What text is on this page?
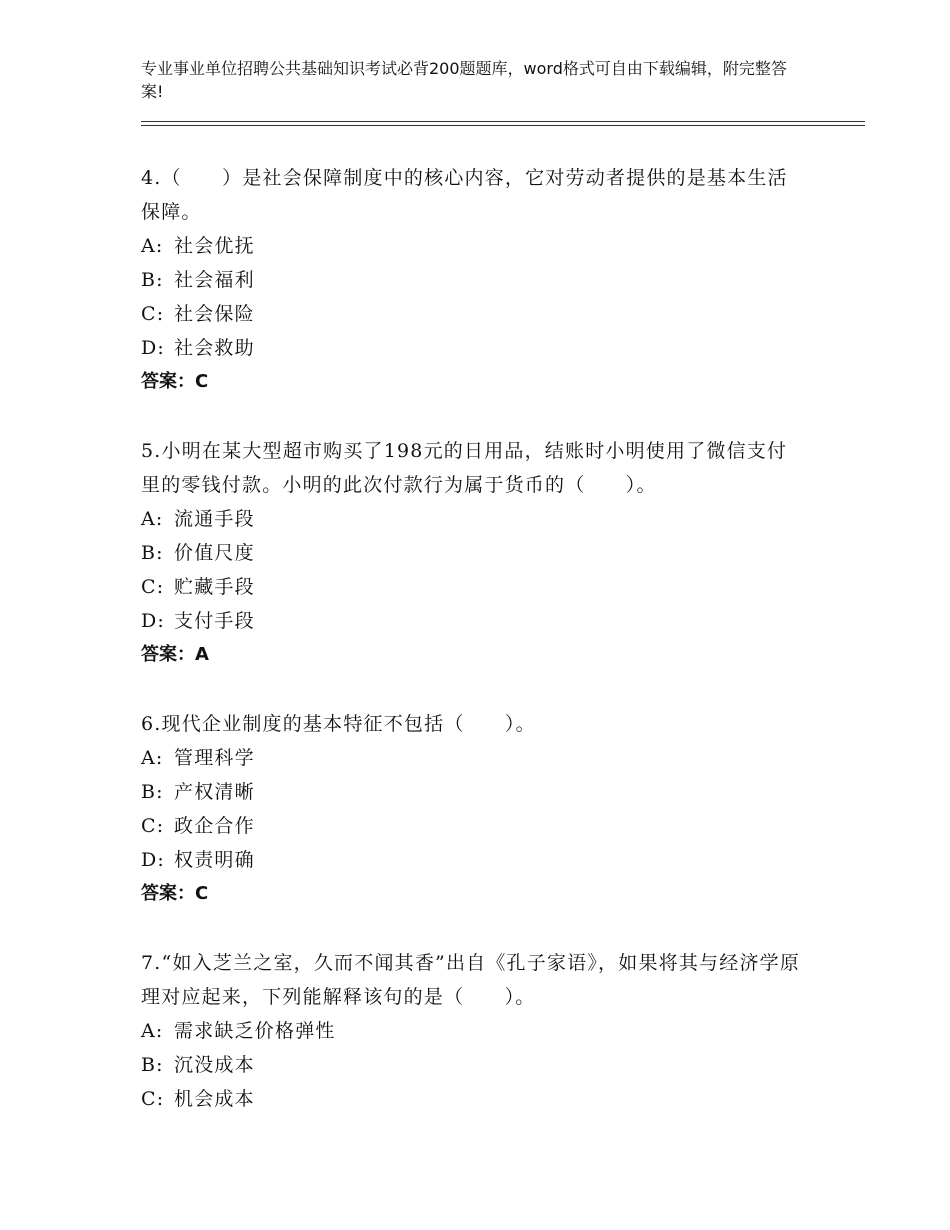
专业事业单位招聘公共基础知识考试必背200题题库，word格式可自由下载编辑，附完整答案!

4.（　　）是社会保障制度中的核心内容，它对劳动者提供的是基本生活保障。

A: 社会优抚

B: 社会福利

C: 社会保险

D: 社会救助

答案：C

5.小明在某大型超市购买了198元的日用品，结账时小明使用了微信支付里的零钱付款。小明的此次付款行为属于货币的（　　）。

A: 流通手段

B: 价值尺度

C: 贮藏手段

D: 支付手段

答案：A

6.现代企业制度的基本特征不包括（　　）。

A: 管理科学

B: 产权清晰

C: 政企合作

D: 权责明确

答案：C

7.“如入芝兰之室，久而不闻其香”出自《孔子家语》，如果将其与经济学原理对应起来，下列能解释该句的是（　　）。

A: 需求缺乏价格弹性

B: 沉没成本

C: 机会成本
